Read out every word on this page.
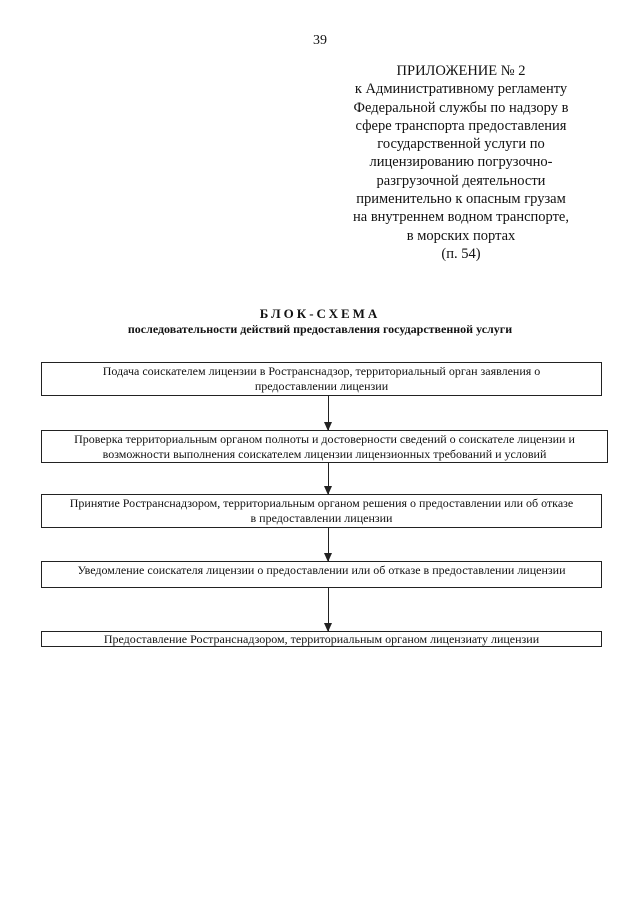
39
ПРИЛОЖЕНИЕ № 2
к Административному регламенту
Федеральной службы по надзору в
сфере транспорта предоставления
государственной услуги по
лицензированию погрузочно-
разгрузочной деятельности
применительно к опасным грузам
на внутреннем водном транспорте,
в морских портах
(п. 54)
БЛОК-СХЕМА
последовательности действий предоставления государственной услуги
Подача соискателем лицензии в Ространснадзор, территориальный орган заявления о
предоставлении лицензии
Проверка территориальным органом полноты и достоверности сведений о соискателе лицензии и
возможности выполнения соискателем лицензии лицензионных требований и условий
Принятие Ространснадзором, территориальным органом решения о предоставлении или об отказе
в предоставлении лицензии
Уведомление соискателя лицензии о предоставлении или об отказе в предоставлении лицензии
Предоставление Ространснадзором, территориальным органом лицензиату лицензии
